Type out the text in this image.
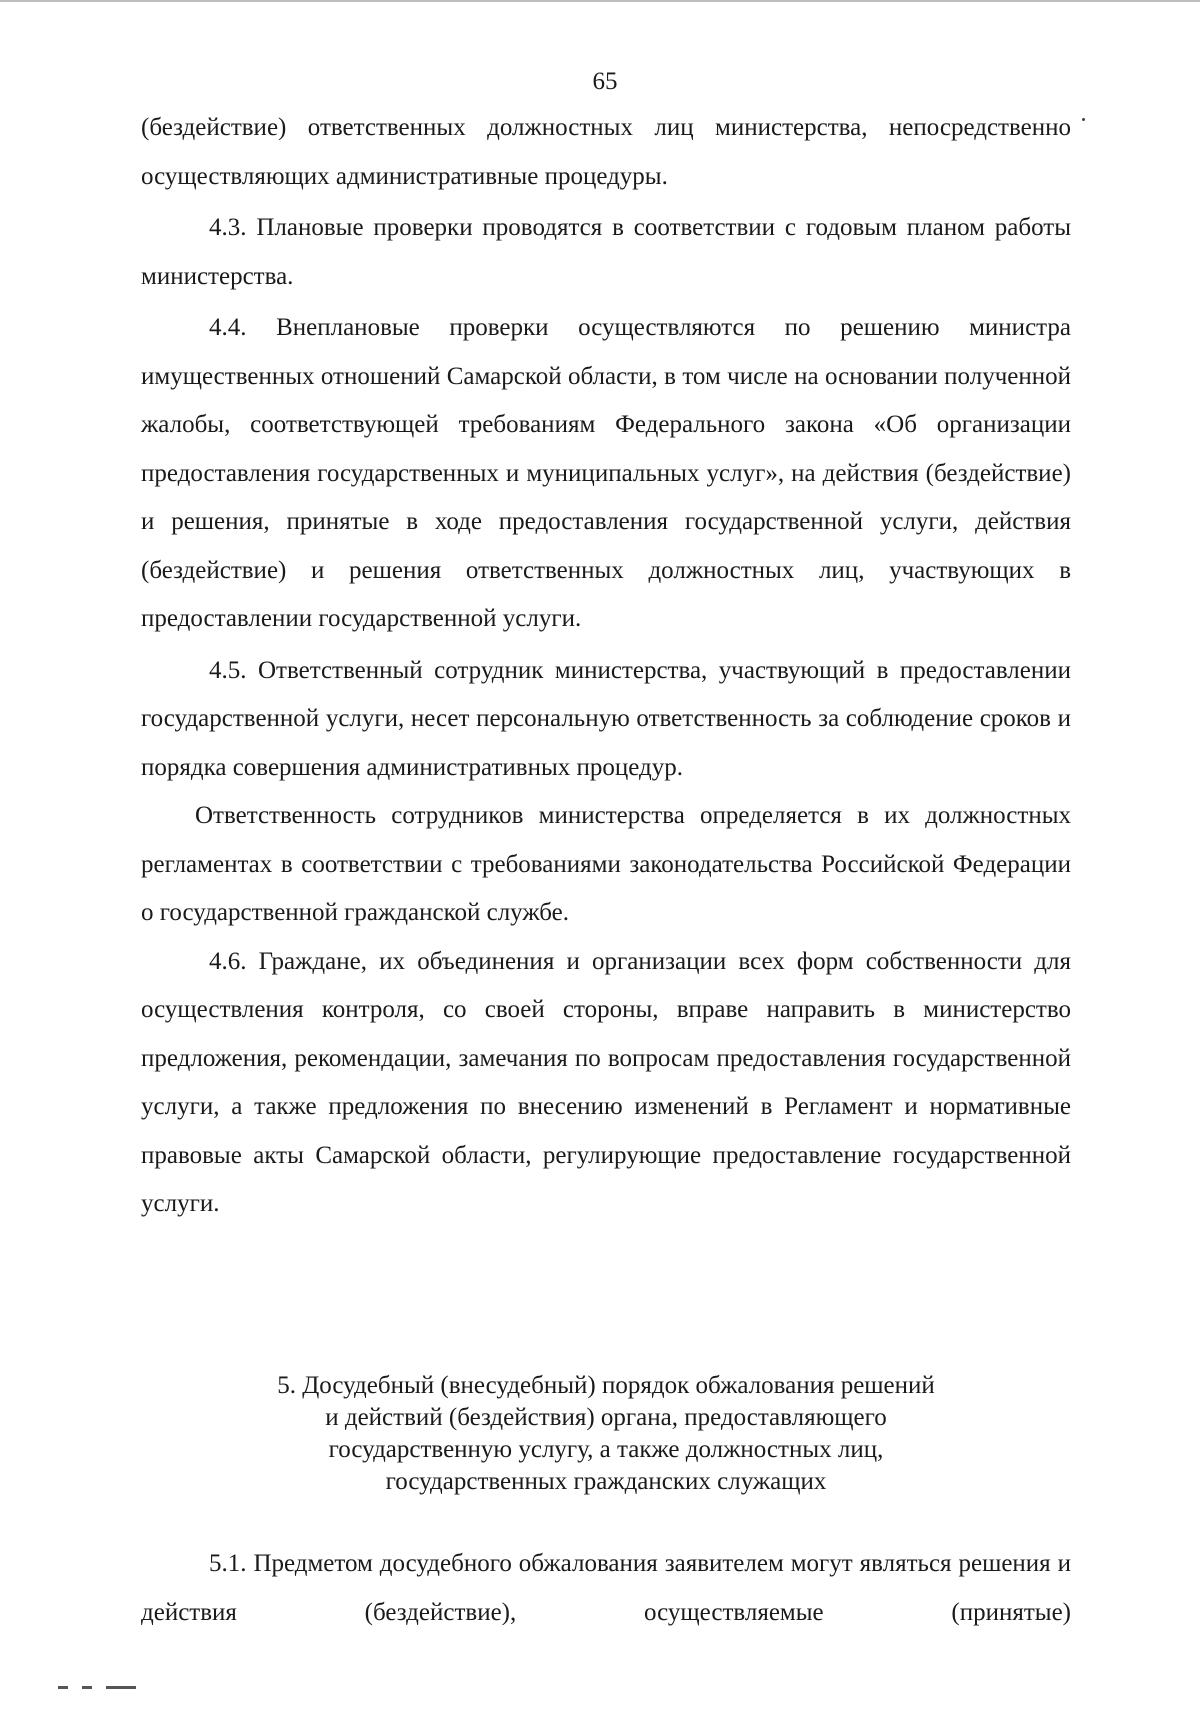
65

(бездействие) ответственных должностных лиц министерства, непосредственно осуществляющих административные процедуры.

4.3. Плановые проверки проводятся в соответствии с годовым планом работы министерства.

4.4. Внеплановые проверки осуществляются по решению министра имущественных отношений Самарской области, в том числе на основании полученной жалобы, соответствующей требованиям Федерального закона «Об организации предоставления государственных и муниципальных услуг», на действия (бездействие) и решения, принятые в ходе предоставления государственной услуги, действия (бездействие) и решения ответственных должностных лиц, участвующих в предоставлении государственной услуги.

4.5. Ответственный сотрудник министерства, участвующий в предоставлении государственной услуги, несет персональную ответственность за соблюдение сроков и порядка совершения административных процедур.

Ответственность сотрудников министерства определяется в их должностных регламентах в соответствии с требованиями законодательства Российской Федерации о государственной гражданской службе.

4.6. Граждане, их объединения и организации всех форм собственности для осуществления контроля, со своей стороны, вправе направить в министерство предложения, рекомендации, замечания по вопросам предоставления государственной услуги, а также предложения по внесению изменений в Регламент и нормативные правовые акты Самарской области, регулирующие предоставление государственной услуги.

5. Досудебный (внесудебный) порядок обжалования решений
и действий (бездействия) органа, предоставляющего
государственную услугу, а также должностных лиц,
государственных гражданских служащих

5.1. Предметом досудебного обжалования заявителем могут являться решения и действия (бездействие), осуществляемые (принятые)
